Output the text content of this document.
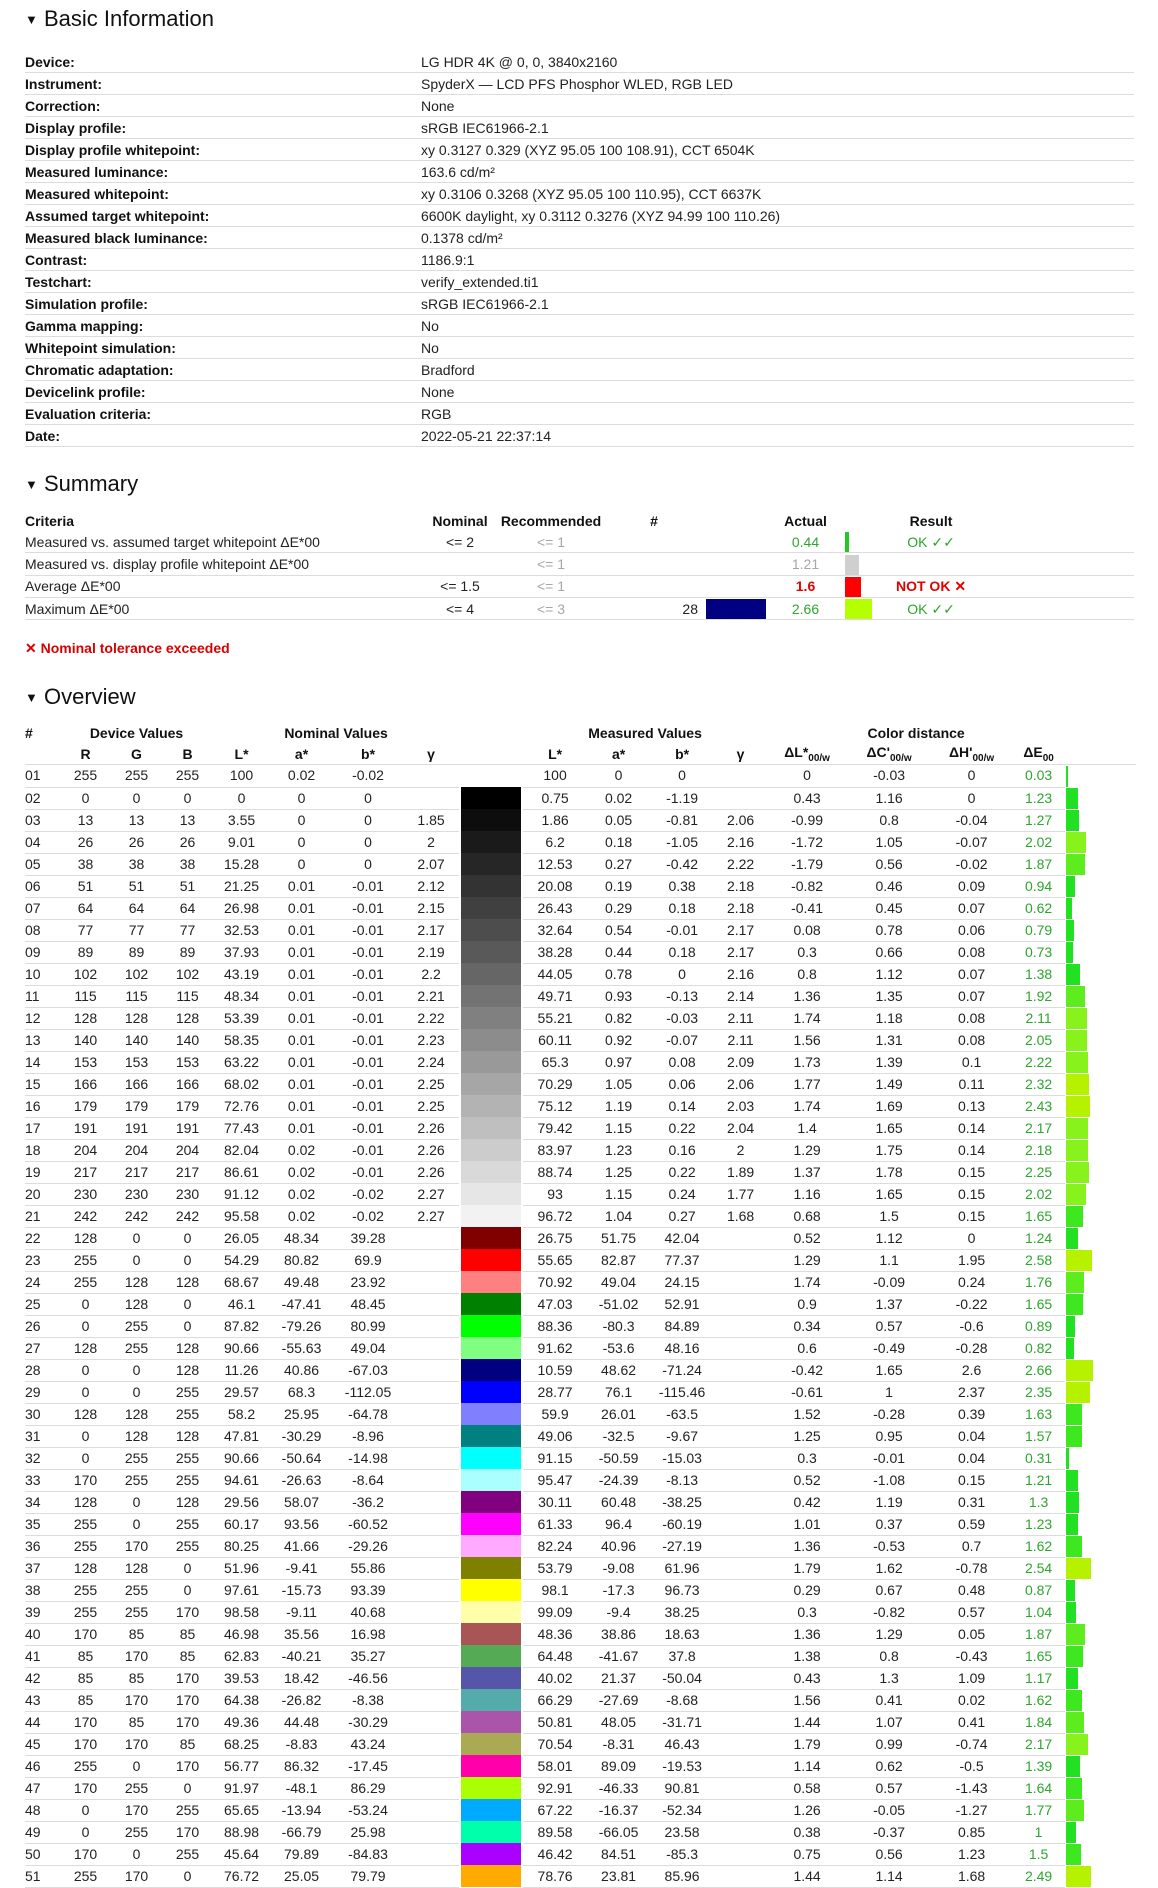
▼ Basic Information
Device:	LG HDR 4K @ 0, 0, 3840x2160
Instrument:	SpyderX — LCD PFS Phosphor WLED, RGB LED
Correction:	None
Display profile:	sRGB IEC61966-2.1
Display profile whitepoint:	xy 0.3127 0.329 (XYZ 95.05 100 108.91), CCT 6504K
Measured luminance:	163.6 cd/m²
Measured whitepoint:	xy 0.3106 0.3268 (XYZ 95.05 100 110.95), CCT 6637K
Assumed target whitepoint:	6600K daylight, xy 0.3112 0.3276 (XYZ 94.99 100 110.26)
Measured black luminance:	0.1378 cd/m²
Contrast:	1186.9:1
Testchart:	verify_extended.ti1
Simulation profile:	sRGB IEC61966-2.1
Gamma mapping:	No
Whitepoint simulation:	No
Chromatic adaptation:	Bradford
Devicelink profile:	None
Evaluation criteria:	RGB
Date:	2022-05-21 22:37:14
▼ Summary
Criteria	Nominal	Recommended	#		Actual		Result	
Measured vs. assumed target whitepoint ΔE*00	<= 2	<= 1			0.44		OK ✓✓	
Measured vs. display profile whitepoint ΔE*00		<= 1			1.21			
Average ΔE*00	<= 1.5	<= 1			1.6		NOT OK ✕	
Maximum ΔE*00	<= 4	<= 3	28		2.66		OK ✓✓	
✕ Nominal tolerance exceeded
▼ Overview
#	Device Values			Nominal Values					Measured Values				Color distance				
	R	G	B	L*	a*	b*	γ		L*	a*	b*	γ	$\Delta L*_{00/w}$	$\Delta C'_{00/w}$	$\Delta H'_{00/w}$	$\Delta E_{00}$	
01	255	255	255	100	0.02	-0.02			100	0	0		0	-0.03	0	0.03	

02	0	0	0	0	0	0			0.75	0.02	-1.19		0.43	1.16	0	1.23	

03	13	13	13	3.55	0	0	1.85		1.86	0.05	-0.81	2.06	-0.99	0.8	-0.04	1.27	

04	26	26	26	9.01	0	0	2		6.2	0.18	-1.05	2.16	-1.72	1.05	-0.07	2.02	

05	38	38	38	15.28	0	0	2.07		12.53	0.27	-0.42	2.22	-1.79	0.56	-0.02	1.87	

06	51	51	51	21.25	0.01	-0.01	2.12		20.08	0.19	0.38	2.18	-0.82	0.46	0.09	0.94	

07	64	64	64	26.98	0.01	-0.01	2.15		26.43	0.29	0.18	2.18	-0.41	0.45	0.07	0.62	

08	77	77	77	32.53	0.01	-0.01	2.17		32.64	0.54	-0.01	2.17	0.08	0.78	0.06	0.79	

09	89	89	89	37.93	0.01	-0.01	2.19		38.28	0.44	0.18	2.17	0.3	0.66	0.08	0.73	

10	102	102	102	43.19	0.01	-0.01	2.2		44.05	0.78	0	2.16	0.8	1.12	0.07	1.38	

11	115	115	115	48.34	0.01	-0.01	2.21		49.71	0.93	-0.13	2.14	1.36	1.35	0.07	1.92	

12	128	128	128	53.39	0.01	-0.01	2.22		55.21	0.82	-0.03	2.11	1.74	1.18	0.08	2.11	

13	140	140	140	58.35	0.01	-0.01	2.23		60.11	0.92	-0.07	2.11	1.56	1.31	0.08	2.05	

14	153	153	153	63.22	0.01	-0.01	2.24		65.3	0.97	0.08	2.09	1.73	1.39	0.1	2.22	

15	166	166	166	68.02	0.01	-0.01	2.25		70.29	1.05	0.06	2.06	1.77	1.49	0.11	2.32	

16	179	179	179	72.76	0.01	-0.01	2.25		75.12	1.19	0.14	2.03	1.74	1.69	0.13	2.43	

17	191	191	191	77.43	0.01	-0.01	2.26		79.42	1.15	0.22	2.04	1.4	1.65	0.14	2.17	

18	204	204	204	82.04	0.02	-0.01	2.26		83.97	1.23	0.16	2	1.29	1.75	0.14	2.18	

19	217	217	217	86.61	0.02	-0.01	2.26		88.74	1.25	0.22	1.89	1.37	1.78	0.15	2.25	

20	230	230	230	91.12	0.02	-0.02	2.27		93	1.15	0.24	1.77	1.16	1.65	0.15	2.02	

21	242	242	242	95.58	0.02	-0.02	2.27		96.72	1.04	0.27	1.68	0.68	1.5	0.15	1.65	

22	128	0	0	26.05	48.34	39.28			26.75	51.75	42.04		0.52	1.12	0	1.24	

23	255	0	0	54.29	80.82	69.9			55.65	82.87	77.37		1.29	1.1	1.95	2.58	

24	255	128	128	68.67	49.48	23.92			70.92	49.04	24.15		1.74	-0.09	0.24	1.76	

25	0	128	0	46.1	-47.41	48.45			47.03	-51.02	52.91		0.9	1.37	-0.22	1.65	

26	0	255	0	87.82	-79.26	80.99			88.36	-80.3	84.89		0.34	0.57	-0.6	0.89	

27	128	255	128	90.66	-55.63	49.04			91.62	-53.6	48.16		0.6	-0.49	-0.28	0.82	

28	0	0	128	11.26	40.86	-67.03			10.59	48.62	-71.24		-0.42	1.65	2.6	2.66	

29	0	0	255	29.57	68.3	-112.05			28.77	76.1	-115.46		-0.61	1	2.37	2.35	

30	128	128	255	58.2	25.95	-64.78			59.9	26.01	-63.5		1.52	-0.28	0.39	1.63	

31	0	128	128	47.81	-30.29	-8.96			49.06	-32.5	-9.67		1.25	0.95	0.04	1.57	

32	0	255	255	90.66	-50.64	-14.98			91.15	-50.59	-15.03		0.3	-0.01	0.04	0.31	

33	170	255	255	94.61	-26.63	-8.64			95.47	-24.39	-8.13		0.52	-1.08	0.15	1.21	

34	128	0	128	29.56	58.07	-36.2			30.11	60.48	-38.25		0.42	1.19	0.31	1.3	

35	255	0	255	60.17	93.56	-60.52			61.33	96.4	-60.19		1.01	0.37	0.59	1.23	

36	255	170	255	80.25	41.66	-29.26			82.24	40.96	-27.19		1.36	-0.53	0.7	1.62	

37	128	128	0	51.96	-9.41	55.86			53.79	-9.08	61.96		1.79	1.62	-0.78	2.54	

38	255	255	0	97.61	-15.73	93.39			98.1	-17.3	96.73		0.29	0.67	0.48	0.87	

39	255	255	170	98.58	-9.11	40.68			99.09	-9.4	38.25		0.3	-0.82	0.57	1.04	

40	170	85	85	46.98	35.56	16.98			48.36	38.86	18.63		1.36	1.29	0.05	1.87	

41	85	170	85	62.83	-40.21	35.27			64.48	-41.67	37.8		1.38	0.8	-0.43	1.65	

42	85	85	170	39.53	18.42	-46.56			40.02	21.37	-50.04		0.43	1.3	1.09	1.17	

43	85	170	170	64.38	-26.82	-8.38			66.29	-27.69	-8.68		1.56	0.41	0.02	1.62	

44	170	85	170	49.36	44.48	-30.29			50.81	48.05	-31.71		1.44	1.07	0.41	1.84	

45	170	170	85	68.25	-8.83	43.24			70.54	-8.31	46.43		1.79	0.99	-0.74	2.17	

46	255	0	170	56.77	86.32	-17.45			58.01	89.09	-19.53		1.14	0.62	-0.5	1.39	

47	170	255	0	91.97	-48.1	86.29			92.91	-46.33	90.81		0.58	0.57	-1.43	1.64	

48	0	170	255	65.65	-13.94	-53.24			67.22	-16.37	-52.34		1.26	-0.05	-1.27	1.77	

49	0	255	170	88.98	-66.79	25.98			89.58	-66.05	23.58		0.38	-0.37	0.85	1	

50	170	0	255	45.64	79.89	-84.83			46.42	84.51	-85.3		0.75	0.56	1.23	1.5	

51	255	170	0	76.72	25.05	79.79			78.76	23.81	85.96		1.44	1.14	1.68	2.49	
